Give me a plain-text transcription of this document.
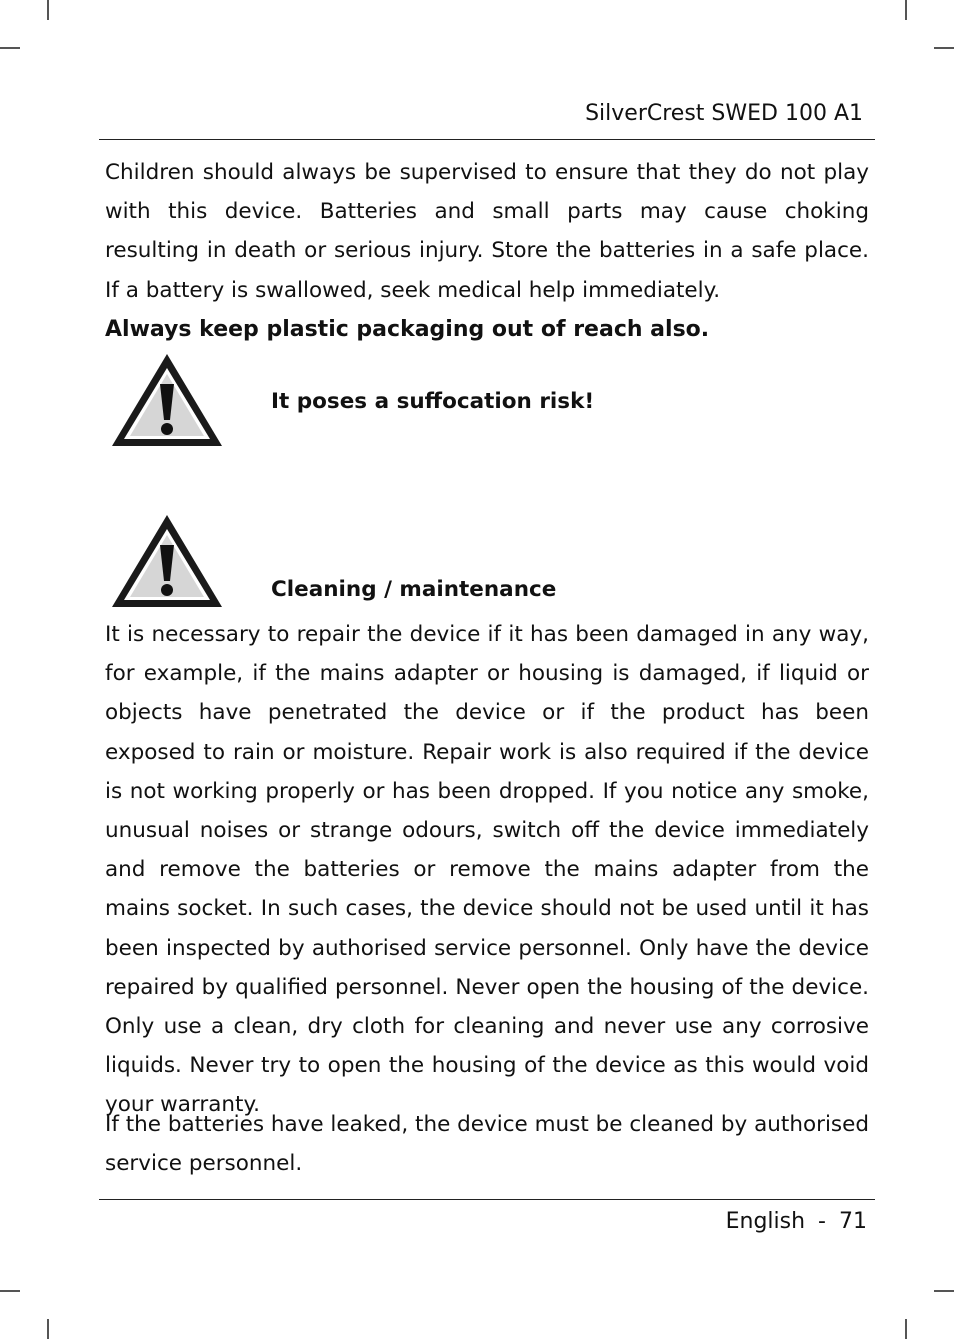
SilverCrest SWED 100 A1

Children should always be supervised to ensure that they do not play with this device. Batteries and small parts may cause choking resulting in death or serious injury. Store the batteries in a safe place. If a battery is swallowed, seek medical help immediately.

Always keep plastic packaging out of reach also.

It poses a suffocation risk!

Cleaning / maintenance

It is necessary to repair the device if it has been damaged in any way, for example, if the mains adapter or housing is damaged, if liquid or objects have penetrated the device or if the product has been exposed to rain or moisture. Repair work is also required if the device is not working properly or has been dropped. If you notice any smoke, unusual noises or strange odours, switch off the device immediately and remove the batteries or remove the mains adapter from the mains socket. In such cases, the device should not be used until it has been inspected by authorised service personnel. Only have the device repaired by qualified personnel. Never open the housing of the device. Only use a clean, dry cloth for cleaning and never use any corrosive liquids. Never try to open the housing of the device as this would void your warranty.

If the batteries have leaked, the device must be cleaned by authorised service personnel.

English - 71
